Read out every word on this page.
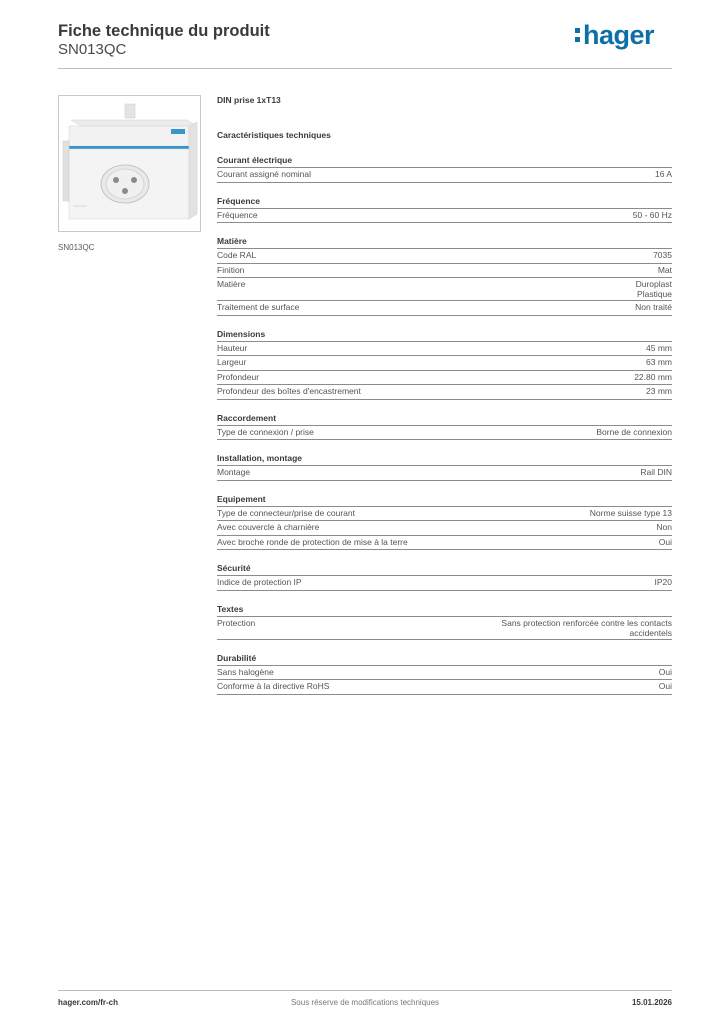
Fiche technique du produit
SN013QC	hager
SN013QC
DIN prise 1xT13
Caractéristiques techniques
Courant électrique
Courant assigné nominal	16 A
Fréquence
Fréquence	50 - 60 Hz
Matière
Code RAL	7035
Finition	Mat
Matière	Duroplast
Plastique
Traitement de surface	Non traité
Dimensions
Hauteur	45 mm
Largeur	63 mm
Profondeur	22.80 mm
Profondeur des boîtes d'encastrement	23 mm
Raccordement
Type de connexion / prise	Borne de connexion
Installation, montage
Montage	Rail DIN
Equipement
Type de connecteur/prise de courant	Norme suisse type 13
Avec couvercle à charnière	Non
Avec broche ronde de protection de mise à la terre	Oui
Sécurité
Indice de protection IP	IP20
Textes
Protection	Sans protection renforcée contre les contacts
accidentels
Durabilité
Sans halogène	Oui
Conforme à la directive RoHS	Oui
hager.com/fr-ch	Sous réserve de modifications techniques	15.01.2026
